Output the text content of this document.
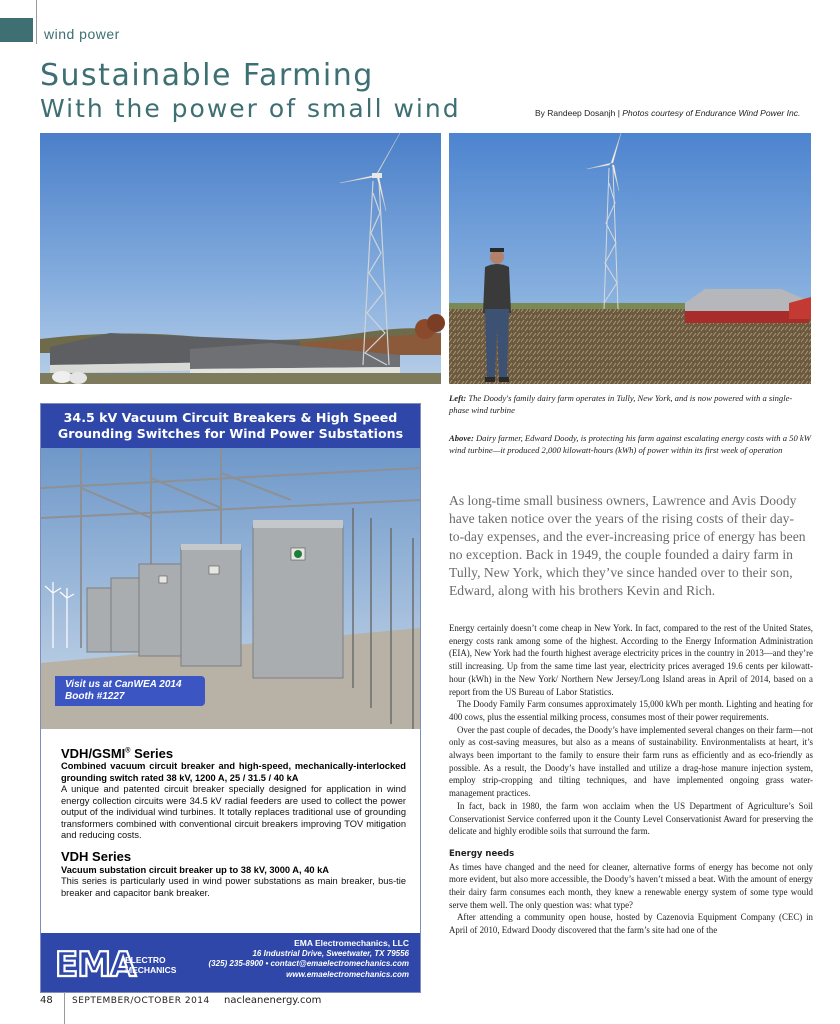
wind power
Sustainable Farming
With the power of small wind	By Randeep Dosanjh | Photos courtesy of Endurance Wind Power Inc.
Left: The Doody's family dairy farm operates in Tully, New York, and is now powered with a single-phase wind turbine
Above: Dairy farmer, Edward Doody, is protecting his farm against escalating energy costs with a 50 kW wind turbine—it produced 2,000 kilowatt-hours (kWh) of power within its first week of operation
As long-time small business owners, Lawrence and Avis Doody have taken notice over the years of the rising costs of their day-to-day expenses, and the ever-increasing price of energy has been no exception. Back in 1949, the couple founded a dairy farm in Tully, New York, which they’ve since handed over to their son, Edward, along with his brothers Kevin and Rich.

Energy certainly doesn’t come cheap in New York. In fact, compared to the rest of the United States, energy costs rank among some of the highest. According to the Energy Information Administration (EIA), New York had the fourth highest average electricity prices in the country in 2013—and they’re still increasing. Up from the same time last year, electricity prices averaged 19.6 cents per kilowatt-hour (kWh) in the New York/ Northern New Jersey/Long Island areas in April of 2014, based on a report from the US Bureau of Labor Statistics.

The Doody Family Farm consumes approximately 15,000 kWh per month. Lighting and heating for 400 cows, plus the essential milking process, consumes most of their power requirements.

Over the past couple of decades, the Doody’s have implemented several changes on their farm—not only as cost-saving measures, but also as a means of sustainability. Environmentalists at heart, it’s always been important to the family to ensure their farm runs as efficiently and as eco-friendly as possible. As a result, the Doody’s have installed and utilize a drag-hose manure injection system, employ strip-cropping and tilting techniques, and have implemented ongoing grass water-management practices.

In fact, back in 1980, the farm won acclaim when the US Department of Agriculture’s Soil Conservationist Service conferred upon it the County Level Conservationist Award for preserving the delicate and highly erodible soils that surround the farm.

Energy needs

As times have changed and the need for cleaner, alternative forms of energy has become not only more evident, but also more accessible, the Doody’s haven’t missed a beat. With the amount of energy their dairy farm consumes each month, they knew a renewable energy system of some type would serve them well. The only question was: what type?

After attending a community open house, hosted by Cazenovia Equipment Company (CEC) in April of 2010, Edward Doody discovered that the farm’s site had one of the

34.5 kV Vacuum Circuit Breakers & High Speed
Grounding Switches for Wind Power Substations
Visit us at CanWEA 2014
Booth #1227
VDH/GSMI® Series
Combined vacuum circuit breaker and high-speed, mechanically-interlocked grounding switch rated 38 kV, 1200 A, 25 / 31.5 / 40 kA
A unique and patented circuit breaker specially designed for application in wind energy collection circuits were 34.5 kV radial feeders are used to collect the power output of the individual wind turbines. It totally replaces traditional use of grounding transformers combined with conventional circuit breakers improving TOV mitigation and reducing costs.
VDH Series
Vacuum substation circuit breaker up to 38 kV, 3000 A, 40 kA
This series is particularly used in wind power substations as main breaker, bus-tie breaker and capacitor bank breaker.
EMA
ELECTRO
MECHANICS
EMA Electromechanics, LLC
16 Industrial Drive, Sweetwater, TX 79556
(325) 235-8900 • contact@emaelectromechanics.com
www.emaelectromechanics.com
48 SEPTEMBER/OCTOBER 2014 nacleanenergy.com
